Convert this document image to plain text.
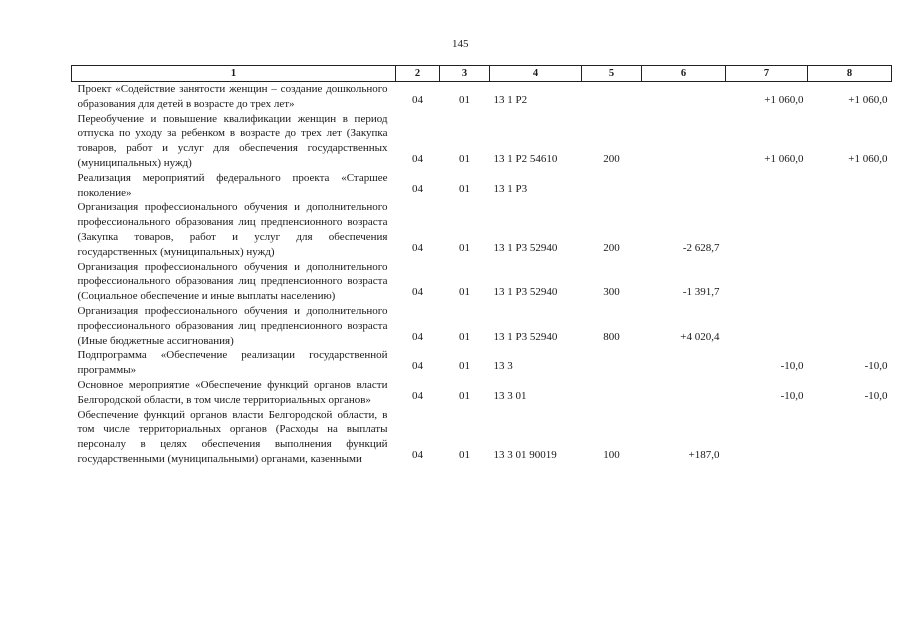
145
1	2	3	4	5	6	7	8
Проект «Содействие занятости женщин – создание дошкольного образования для детей в возрасте до трех лет»	04	01	13 1 P2			+1 060,0	+1 060,0
Переобучение и повышение квалификации женщин в период отпуска по уходу за ребенком в возрасте до трех лет (Закупка товаров, работ и услуг для обеспечения государственных (муниципальных) нужд)	04	01	13 1 P2 54610	200		+1 060,0	+1 060,0
Реализация мероприятий федерального проекта «Старшее поколение»	04	01	13 1 P3				
Организация профессионального обучения и дополнительного профессионального образования лиц предпенсионного возраста (Закупка товаров, работ и услуг для обеспечения государственных (муниципальных) нужд)	04	01	13 1 P3 52940	200	-2 628,7		
Организация профессионального обучения и дополнительного профессионального образования лиц предпенсионного возраста (Социальное обеспечение и иные выплаты населению)	04	01	13 1 P3 52940	300	-1 391,7		
Организация профессионального обучения и дополнительного профессионального образования лиц предпенсионного возраста (Иные бюджетные ассигнования)	04	01	13 1 P3 52940	800	+4 020,4		
Подпрограмма «Обеспечение реализации государственной программы»	04	01	13 3			-10,0	-10,0
Основное мероприятие «Обеспечение функций органов власти Белгородской области, в том числе территориальных органов»	04	01	13 3 01			-10,0	-10,0
Обеспечение функций органов власти Белгородской области, в том числе территориальных органов (Расходы на выплаты персоналу в целях обеспечения выполнения функций государственными (муниципальными) органами, казенными	04	01	13 3 01 90019	100	+187,0		
